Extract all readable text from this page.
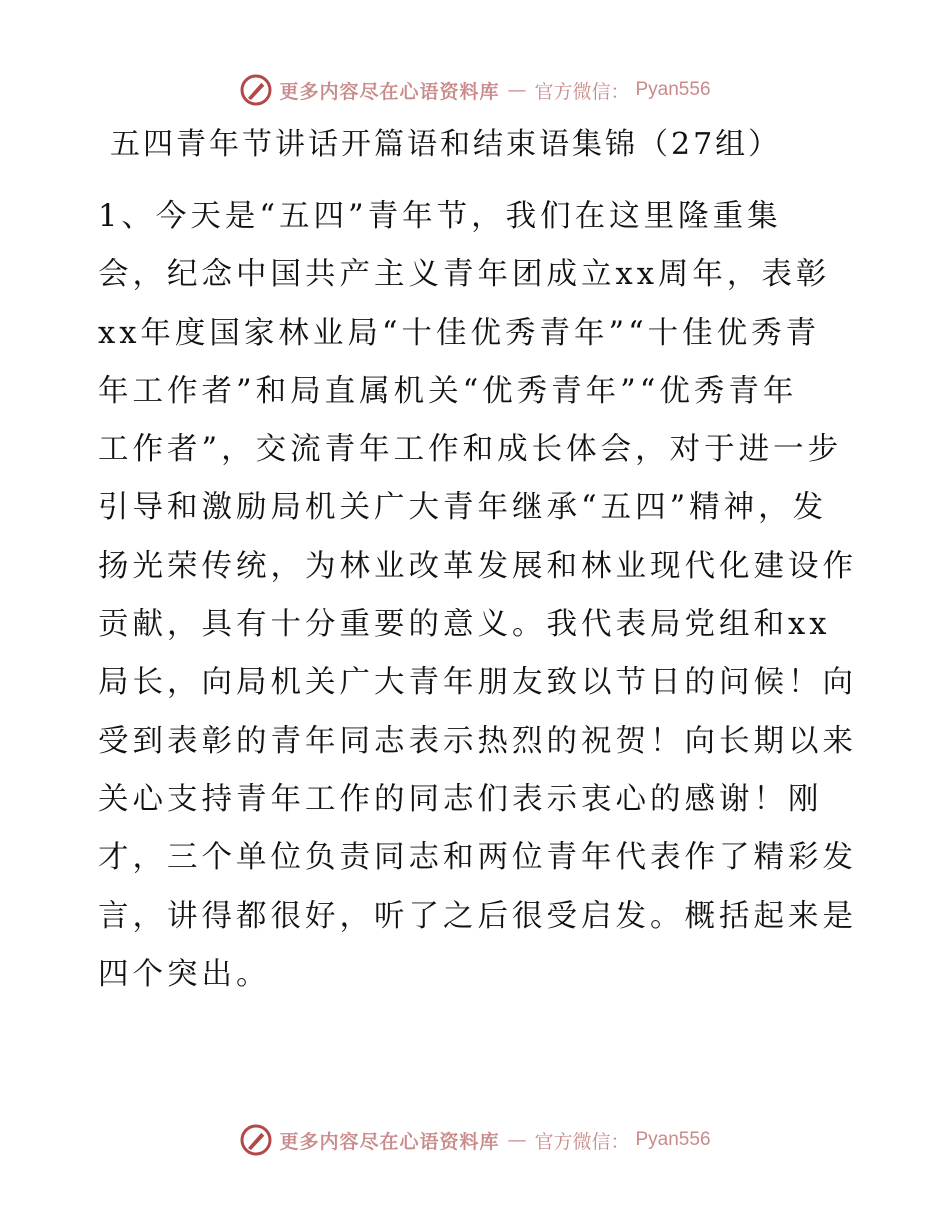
更多内容尽在心语资料库 — 官方微信： Pyan556
五四青年节讲话开篇语和结束语集锦（27组）
1、今天是“五四”青年节，我们在这里隆重集
会，纪念中国共产主义青年团成立xx周年，表彰
xx年度国家林业局“十佳优秀青年”“十佳优秀青
年工作者”和局直属机关“优秀青年”“优秀青年
工作者”，交流青年工作和成长体会，对于进一步
引导和激励局机关广大青年继承“五四”精神，发
扬光荣传统，为林业改革发展和林业现代化建设作
贡献，具有十分重要的意义。我代表局党组和xx
局长，向局机关广大青年朋友致以节日的问候！向
受到表彰的青年同志表示热烈的祝贺！向长期以来
关心支持青年工作的同志们表示衷心的感谢！刚
才，三个单位负责同志和两位青年代表作了精彩发
言，讲得都很好，听了之后很受启发。概括起来是
四个突出。
更多内容尽在心语资料库 — 官方微信： Pyan556
